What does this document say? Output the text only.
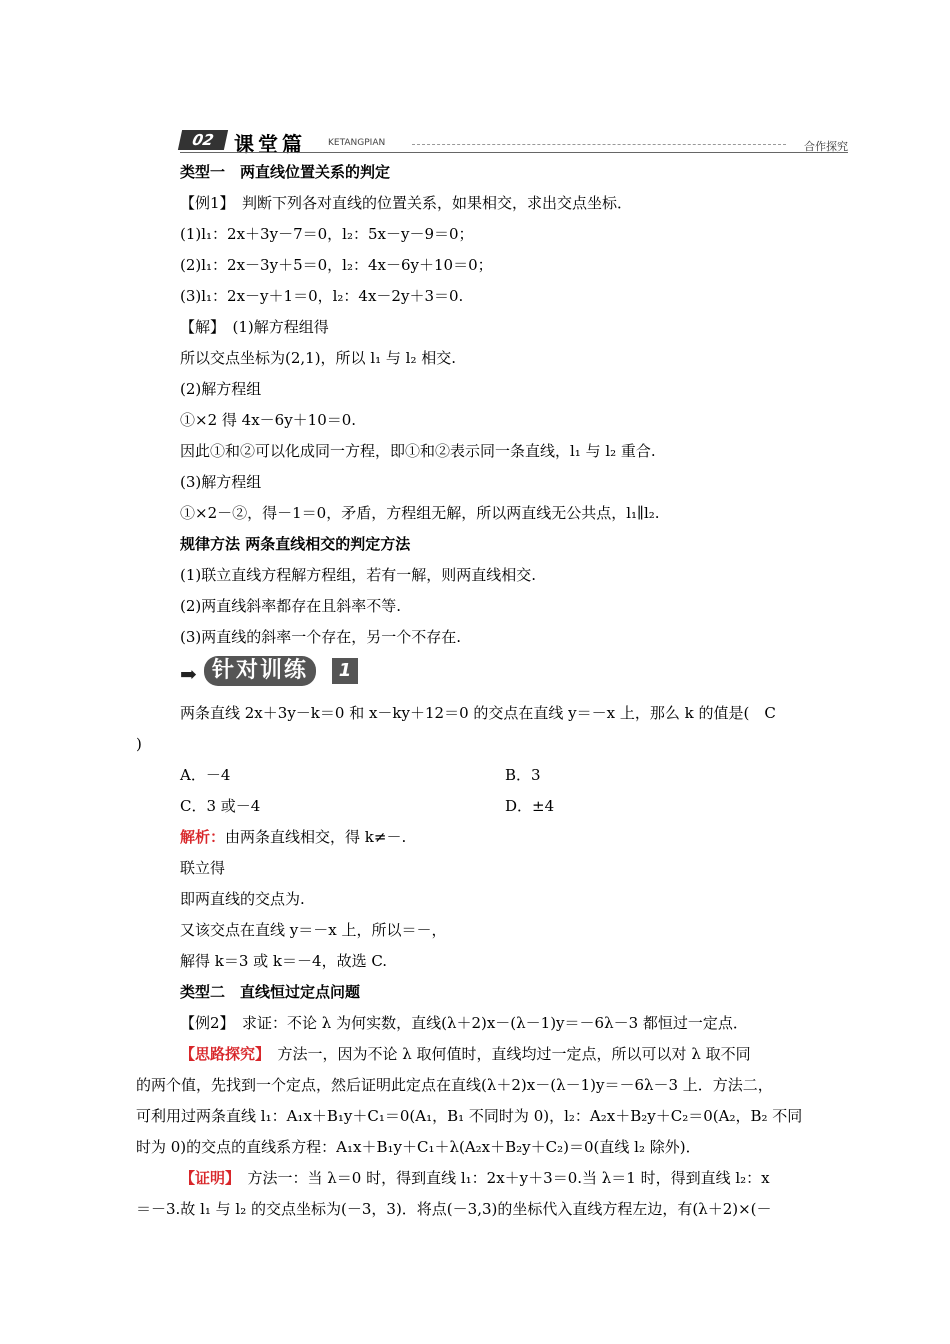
02 课堂篇 KETANGPIAN	合作探究
类型一　两直线位置关系的判定
【例1】　判断下列各对直线的位置关系，如果相交，求出交点坐标．
(1)l₁：2x＋3y－7＝0，l₂：5x－y－9＝0；
(2)l₁：2x－3y＋5＝0，l₂：4x－6y＋10＝0；
(3)l₁：2x－y＋1＝0，l₂：4x－2y＋3＝0.
【解】　(1)解方程组得
所以交点坐标为(2,1)，所以 l₁ 与 l₂ 相交.
(2)解方程组
①×2 得 4x－6y＋10＝0.
因此①和②可以化成同一方程，即①和②表示同一条直线，l₁ 与 l₂ 重合.
(3)解方程组
①×2－②，得－1＝0，矛盾，方程组无解，所以两直线无公共点，l₁∥l₂.
规律方法 两条直线相交的判定方法
(1)联立直线方程解方程组，若有一解，则两直线相交.
(2)两直线斜率都存在且斜率不等.
(3)两直线的斜率一个存在，另一个不存在.
➡ 针对训练	1
两条直线 2x＋3y－k＝0 和 x－ky＋12＝0 的交点在直线 y＝－x 上，那么 k 的值是(　C
)
A．－4	B．3
C．3 或－4	D．±4
解析：由两条直线相交，得 k≠－.
联立得
即两直线的交点为.
又该交点在直线 y＝－x 上，所以＝－，
解得 k＝3 或 k＝－4，故选 C.
类型二　直线恒过定点问题
【例2】　求证：不论 λ 为何实数，直线(λ＋2)x－(λ－1)y＝－6λ－3 都恒过一定点．
【思路探究】　方法一，因为不论 λ 取何值时，直线均过一定点，所以可以对 λ 取不同
的两个值，先找到一个定点，然后证明此定点在直线(λ＋2)x－(λ－1)y＝－6λ－3 上．方法二，
可利用过两条直线 l₁：A₁x＋B₁y＋C₁＝0(A₁，B₁ 不同时为 0)，l₂：A₂x＋B₂y＋C₂＝0(A₂，B₂ 不同
时为 0)的交点的直线系方程：A₁x＋B₁y＋C₁＋λ(A₂x＋B₂y＋C₂)＝0(直线 l₂ 除外)．
【证明】　方法一：当 λ＝0 时，得到直线 l₁：2x＋y＋3＝0.当 λ＝1 时，得到直线 l₂：x
＝－3.故 l₁ 与 l₂ 的交点坐标为(－3，3)．将点(－3,3)的坐标代入直线方程左边，有(λ＋2)×(－
